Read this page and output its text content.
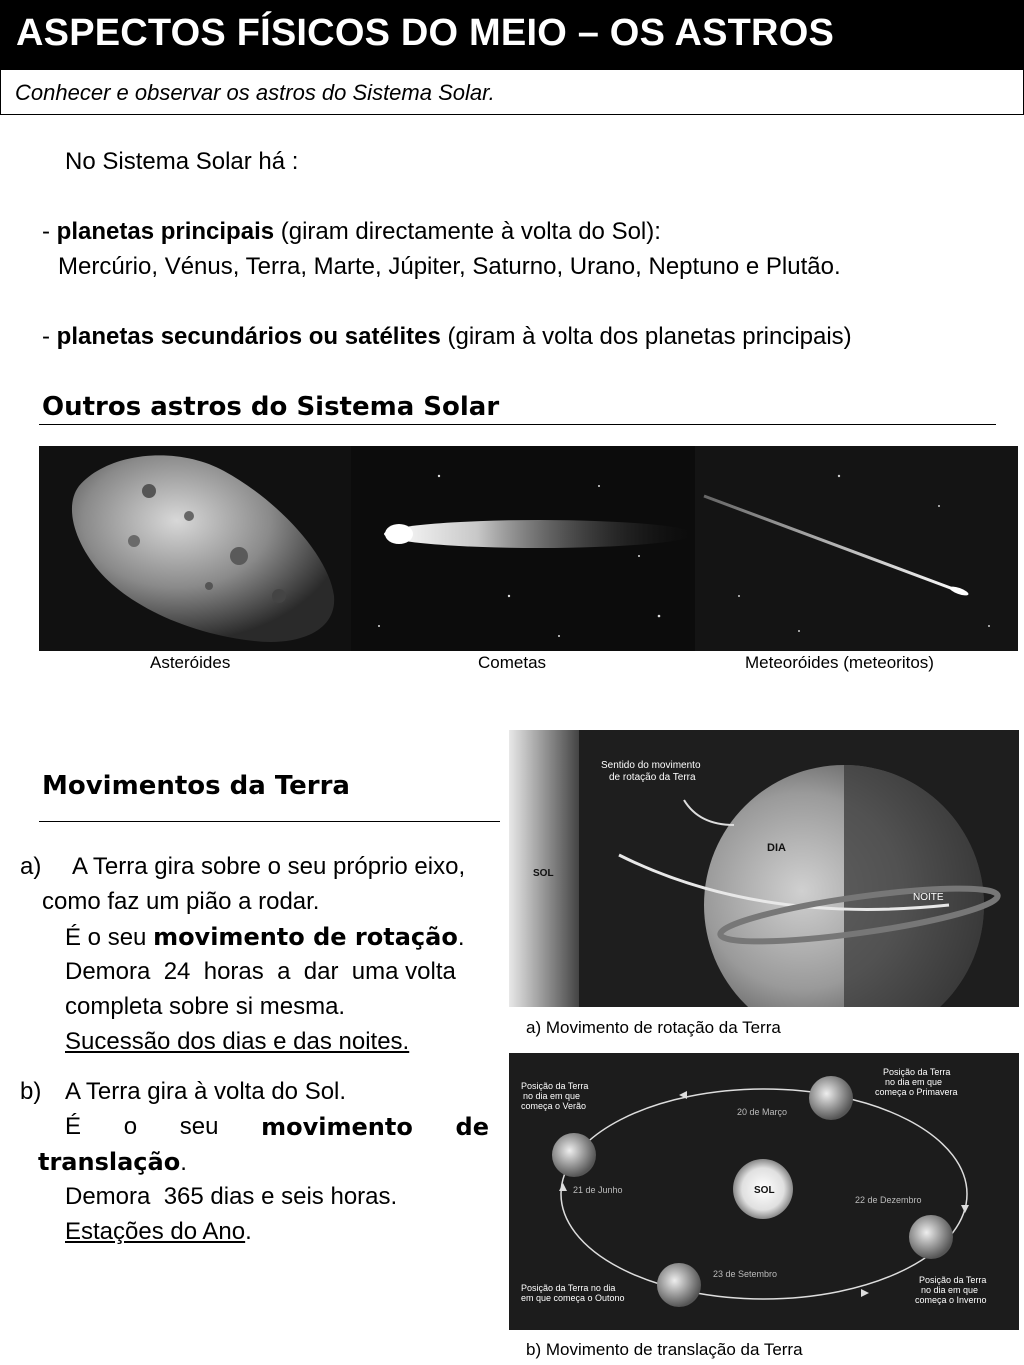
ASPECTOS FÍSICOS DO MEIO – OS ASTROS
Conhecer e observar os astros do Sistema Solar.
No Sistema Solar há :
- planetas principais (giram directamente à volta do Sol):
Mercúrio, Vénus, Terra, Marte, Júpiter, Saturno, Urano, Neptuno e Plutão.
- planetas secundários ou satélites (giram à volta dos planetas principais)
Outros astros do Sistema Solar
Asteróides	Cometas	Meteoróides (meteoritos)
Movimentos da Terra
a) A Terra gira sobre o seu próprio eixo,
como faz um pião a rodar.
É o seu movimento de rotação.
Demora  24  horas  a  dar  uma volta
completa sobre si mesma.
Sucessão dos dias e das noites.
b) A Terra gira à volta do Sol.
É o seu movimento de
translação.
Demora  365 dias e seis horas.
Estações do Ano.
Sentido do movimento
de rotação da Terra
DIA
NOITE
SOL
a) Movimento de rotação da Terra
SOL
Posição da Terra
no dia em que
começa o Verão
Posição da Terra
no dia em que
começa o Primavera
Posição da Terra no dia
em que começa o Outono
Posição da Terra
no dia em que
começa o Inverno
20 de Março
21 de Junho
22 de Dezembro
23 de Setembro
b) Movimento de translação da Terra
